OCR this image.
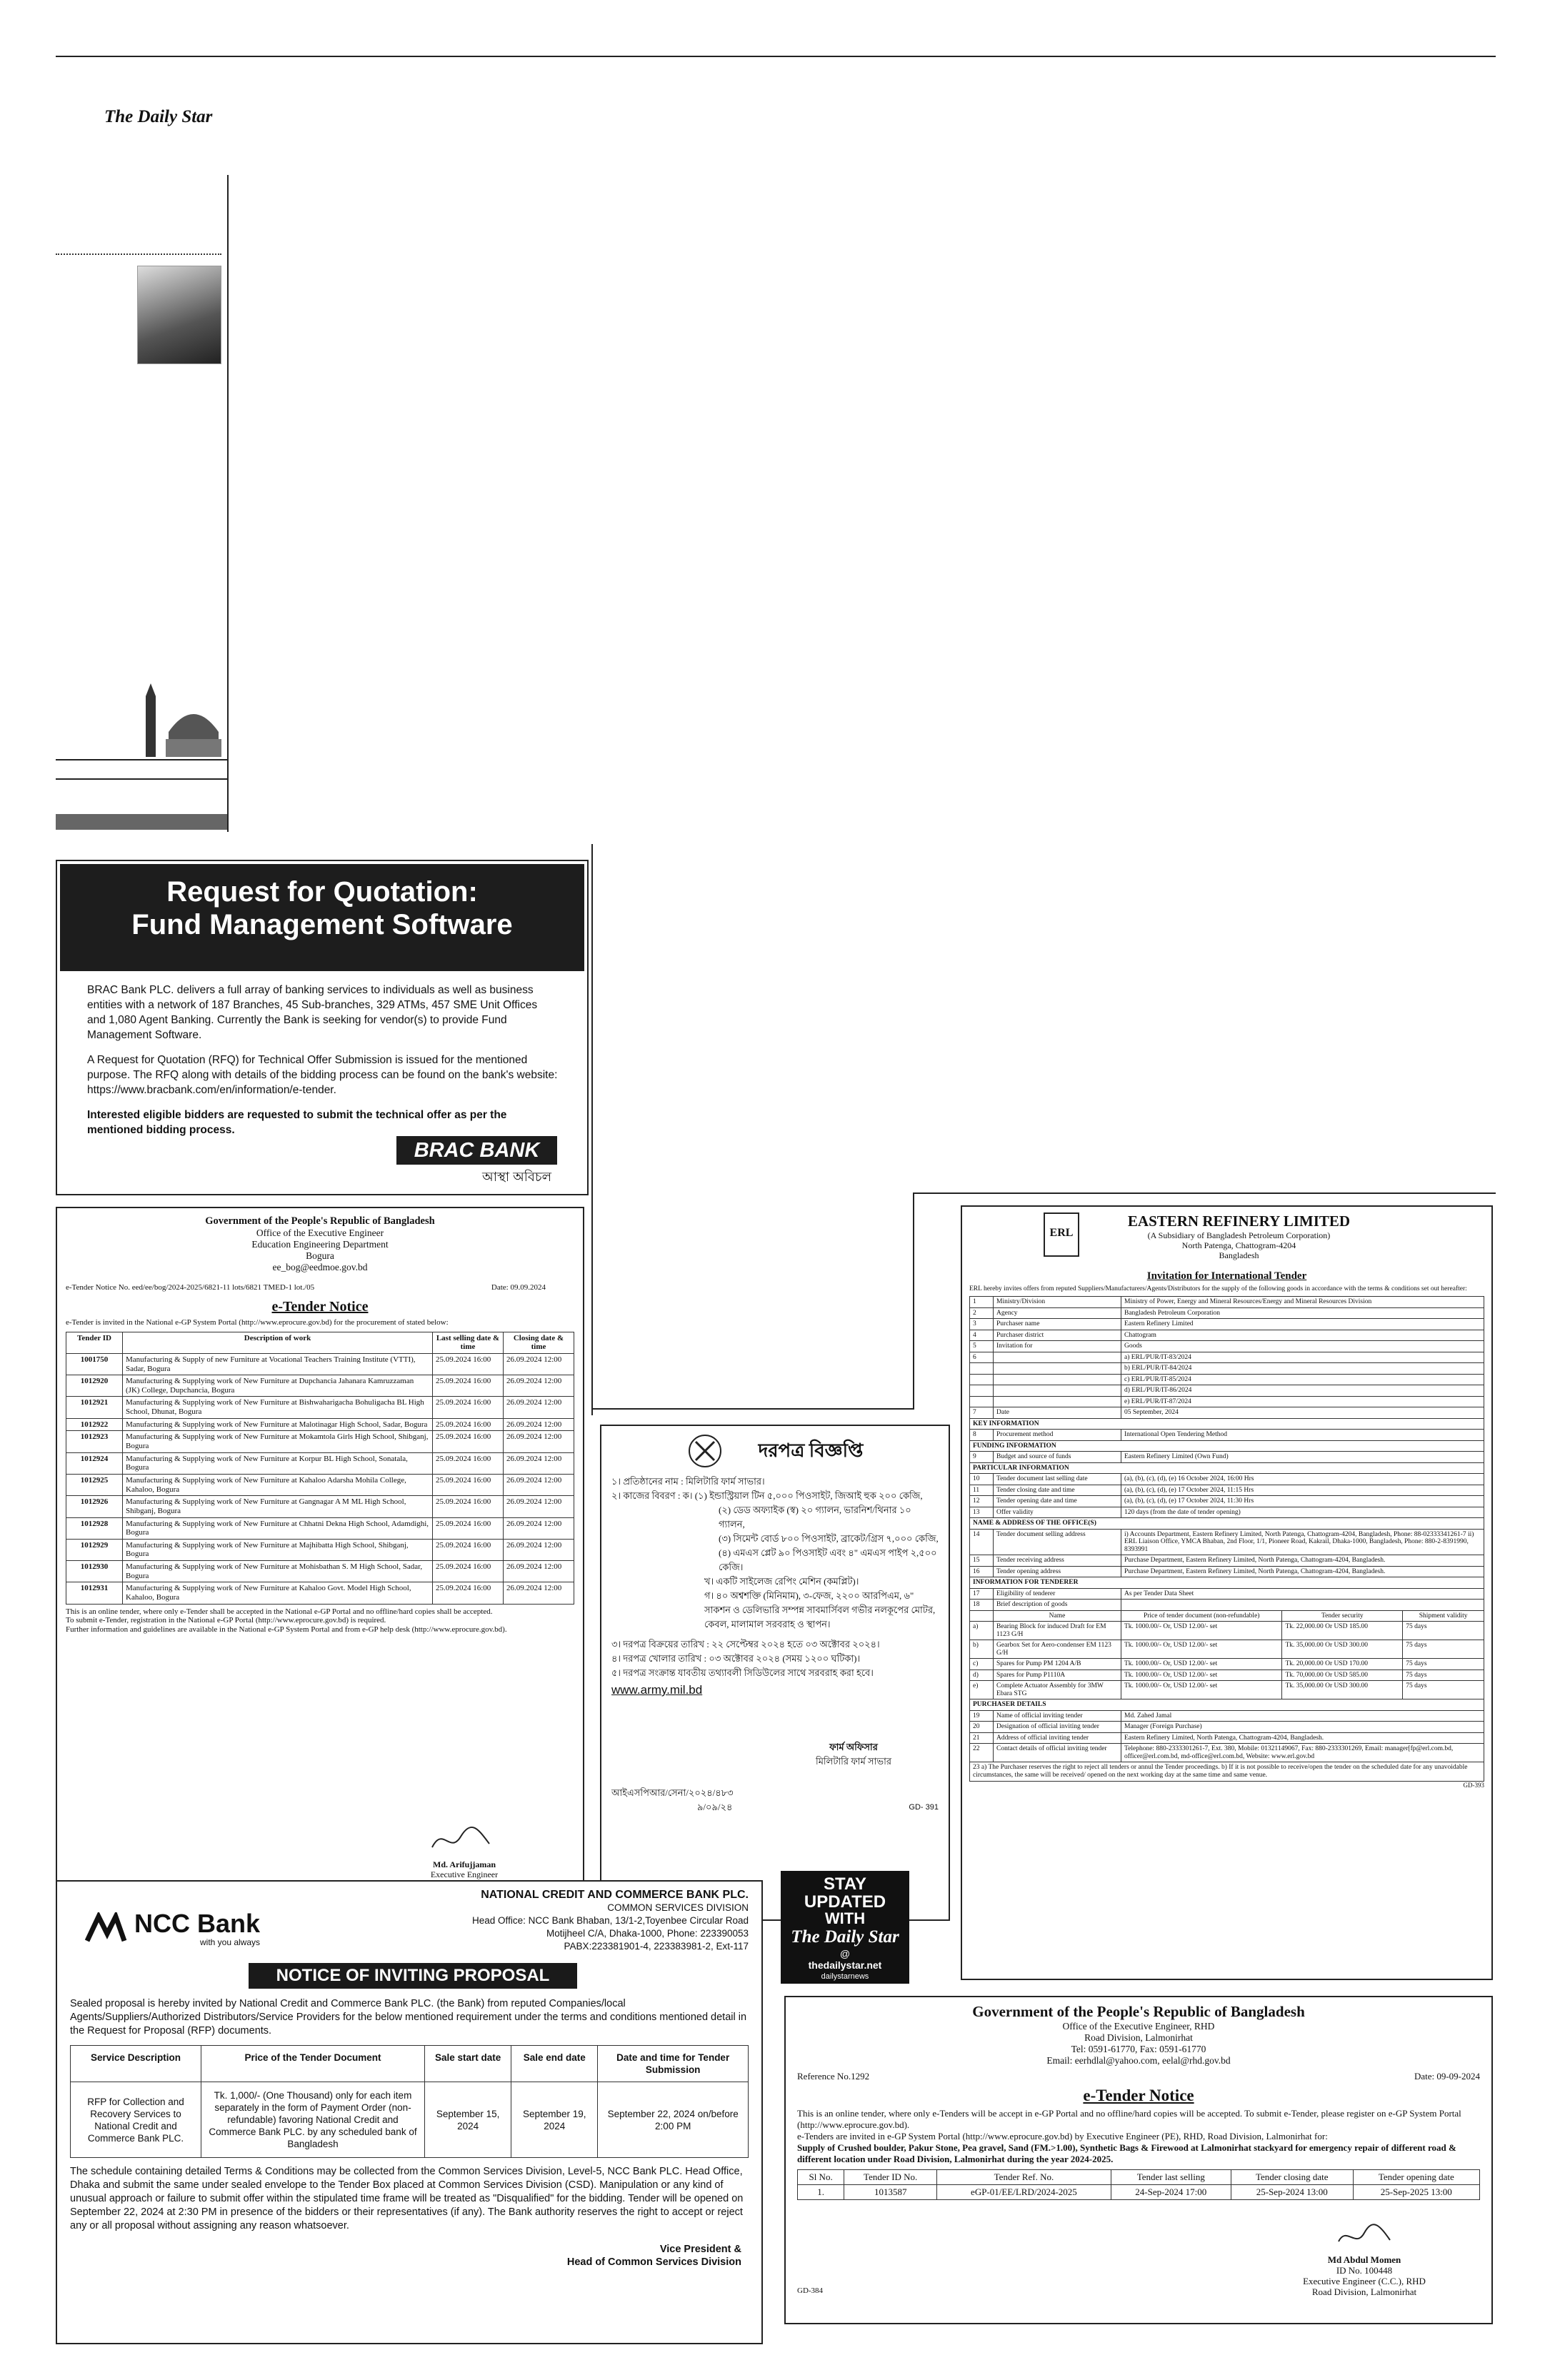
The Daily Star
Request for Quotation:
Fund Management Software

BRAC Bank PLC. delivers a full array of banking services to individuals as well as business entities with a network of 187 Branches, 45 Sub-branches, 329 ATMs, 457 SME Unit Offices and 1,080 Agent Banking. Currently the Bank is seeking for vendor(s) to provide Fund Management Software.

A Request for Quotation (RFQ) for Technical Offer Submission is issued for the mentioned purpose. The RFQ along with details of the bidding process can be found on the bank's website: https://www.bracbank.com/en/information/e-tender.

Interested eligible bidders are requested to submit the technical offer as per the mentioned bidding process.

BRAC BANK
আস্থা অবিচল
Government of the People's Republic of Bangladesh
Office of the Executive Engineer
Education Engineering Department
Bogura
ee_bog@eedmoe.gov.bd
e-Tender Notice No. eed/ee/bog/2024-2025/6821-11 lots/6821 TMED-1 lot./05	Date: 09.09.2024
e-Tender Notice
e-Tender is invited in the National e-GP System Portal (http://www.eprocure.gov.bd) for the procurement of stated below:
Tender ID	Description of work	Last selling date & time	Closing date & time
1001750	Manufacturing & Supply of new Furniture at Vocational Teachers Training Institute (VTTI), Sadar, Bogura	25.09.2024 16:00	26.09.2024 12:00
1012920	Manufacturing & Supplying work of New Furniture at Dupchancia Jahanara Kamruzzaman (JK) College, Dupchancia, Bogura	25.09.2024 16:00	26.09.2024 12:00
1012921	Manufacturing & Supplying work of New Furniture at Bishwaharigacha Bohuligacha BL High School, Dhunat, Bogura	25.09.2024 16:00	26.09.2024 12:00
1012922	Manufacturing & Supplying work of New Furniture at Malotinagar High School, Sadar, Bogura	25.09.2024 16:00	26.09.2024 12:00
1012923	Manufacturing & Supplying work of New Furniture at Mokamtola Girls High School, Shibganj, Bogura	25.09.2024 16:00	26.09.2024 12:00
1012924	Manufacturing & Supplying work of New Furniture at Korpur BL High School, Sonatala, Bogura	25.09.2024 16:00	26.09.2024 12:00
1012925	Manufacturing & Supplying work of New Furniture at Kahaloo Adarsha Mohila College, Kahaloo, Bogura	25.09.2024 16:00	26.09.2024 12:00
1012926	Manufacturing & Supplying work of New Furniture at Gangnagar A M ML High School, Shibganj, Bogura	25.09.2024 16:00	26.09.2024 12:00
1012928	Manufacturing & Supplying work of New Furniture at Chhatni Dekna High School, Adamdighi, Bogura	25.09.2024 16:00	26.09.2024 12:00
1012929	Manufacturing & Supplying work of New Furniture at Majhibatta High School, Shibganj, Bogura	25.09.2024 16:00	26.09.2024 12:00
1012930	Manufacturing & Supplying work of New Furniture at Mohisbathan S. M High School, Sadar, Bogura	25.09.2024 16:00	26.09.2024 12:00
1012931	Manufacturing & Supplying work of New Furniture at Kahaloo Govt. Model High School, Kahaloo, Bogura	25.09.2024 16:00	26.09.2024 12:00
This is an online tender, where only e-Tender shall be accepted in the National e-GP Portal and no offline/hard copies shall be accepted.
To submit e-Tender, registration in the National e-GP Portal (http://www.eprocure.gov.bd) is required.
Further information and guidelines are available in the National e-GP System Portal and from e-GP help desk (http://www.eprocure.gov.bd).
Md. Arifujjaman
Executive Engineer
দরপত্র বিজ্ঞপ্তি
১। প্রতিষ্ঠানের নাম : মিলিটারি ফার্ম সাভার।
২। কাজের বিবরণ : ক। (১) ইন্ডাস্ট্রিয়াল টিন ৫,০০০ পিওসাইট, জিআই হুক ২০০ কেজি,
(২) ডেড অফ্যাইক (স্ব) ২০ গ্যালন, ভারনিশ/থিনার ১০ গ্যালন,
(৩) সিমেন্ট বোর্ড ৮০০ পিওসাইট, ব্রাকেট/গ্রিস ৭,০০০ কেজি,
(৪) এমএস প্লেট ৯০ পিওসাইট এবং ৪" এমএস পাইপ ২,৫০০ কেজি।
খ। একটি সাইলেজ রেপিং মেশিন (কমপ্লিট)।
গ। ৪০ অশ্বশক্তি (মিনিমাম), ৩-ফেজ, ২২০০ আরপিএম, ৬" সাকশন ও ডেলিভারি সম্পন্ন সাবমার্সিবল গভীর নলকূপের মোটর, কেবল, মালামাল সরবরাহ ও স্থাপন।
৩। দরপত্র বিক্রয়ের তারিখ : ২২ সেপ্টেম্বর ২০২৪ হতে ০৩ অক্টোবর ২০২৪।
৪। দরপত্র খোলার তারিখ : ০৩ অক্টোবর ২০২৪ (সময় ১২০০ ঘটিকা)।
৫। দরপত্র সংক্রান্ত যাবতীয় তথ্যাবলী সিডিউলের সাথে সরবরাহ করা হবে।
www.army.mil.bd
ফার্ম অফিসার
মিলিটারি ফার্ম সাভার
আইএসপিআর/সেনা/২০২৪/৪৮৩
৯/০৯/২৪	GD- 391
ERL
EASTERN REFINERY LIMITED
(A Subsidiary of Bangladesh Petroleum Corporation)
North Patenga, Chattogram-4204
Bangladesh
Invitation for International Tender
ERL hereby invites offers from reputed Suppliers/Manufacturers/Agents/Distributors for the supply of the following goods in accordance with the terms & conditions set out hereafter:
1	Ministry/Division	Ministry of Power, Energy and Mineral Resources/Energy and Mineral Resources Division		
2	Agency	Bangladesh Petroleum Corporation		
3	Purchaser name	Eastern Refinery Limited		
4	Purchaser district	Chattogram		
5	Invitation for	Goods		
6		a) ERL/PUR/IT-83/2024		
		b) ERL/PUR/IT-84/2024		
		c) ERL/PUR/IT-85/2024		
		d) ERL/PUR/IT-86/2024		
		e) ERL/PUR/IT-87/2024		
7	Date	05 September, 2024		
KEY INFORMATION				
8	Procurement method	International Open Tendering Method		
FUNDING INFORMATION				
9	Budget and source of funds	Eastern Refinery Limited (Own Fund)		
PARTICULAR INFORMATION				
10	Tender document last selling date	(a), (b), (c), (d), (e) 16 October 2024, 16:00 Hrs		
11	Tender closing date and time	(a), (b), (c), (d), (e) 17 October 2024, 11:15 Hrs		
12	Tender opening date and time	(a), (b), (c), (d), (e) 17 October 2024, 11:30 Hrs		
13	Offer validity	120 days (from the date of tender opening)		
NAME & ADDRESS OF THE OFFICE(S)				
14	Tender document selling address	i) Accounts Department, Eastern Refinery Limited, North Patenga, Chattogram-4204, Bangladesh, Phone: 88-02333341261-7 ii) ERL Liaison Office, YMCA Bhaban, 2nd Floor, 1/1, Pioneer Road, Kakrail, Dhaka-1000, Bangladesh, Phone: 880-2-8391990, 8393991		
15	Tender receiving address	Purchase Department, Eastern Refinery Limited, North Patenga, Chattogram-4204, Bangladesh.		
16	Tender opening address	Purchase Department, Eastern Refinery Limited, North Patenga, Chattogram-4204, Bangladesh.		
INFORMATION FOR TENDERER				
17	Eligibility of tenderer	As per Tender Data Sheet		
18	Brief description of goods			
	Name	Price of tender document (non-refundable)	Tender security	Shipment validity
a)	Bearing Block for induced Draft for EM 1123 G/H	Tk. 1000.00/- Or, USD 12.00/- set	Tk. 22,000.00 Or USD 185.00	75 days
b)	Gearbox Set for Aero-condenser EM 1123 G/H	Tk. 1000.00/- Or, USD 12.00/- set	Tk. 35,000.00 Or USD 300.00	75 days
c)	Spares for Pump PM 1204 A/B	Tk. 1000.00/- Or, USD 12.00/- set	Tk. 20,000.00 Or USD 170.00	75 days
d)	Spares for Pump P1110A	Tk. 1000.00/- Or, USD 12.00/- set	Tk. 70,000.00 Or USD 585.00	75 days
e)	Complete Actuator Assembly for 3MW Ebara STG	Tk. 1000.00/- Or, USD 12.00/- set	Tk. 35,000.00 Or USD 300.00	75 days
PURCHASER DETAILS				
19	Name of official inviting tender	Md. Zahed Jamal		
20	Designation of official inviting tender	Manager (Foreign Purchase)		
21	Address of official inviting tender	Eastern Refinery Limited, North Patenga, Chattogram-4204, Bangladesh.		
22	Contact details of official inviting tender	Telephone: 880-2333301261-7, Ext. 380, Mobile: 01321149067, Fax: 880-2333301269, Email: manager[fp@erl.com.bd, officer@erl.com.bd, md-office@erl.com.bd, Website: www.erl.gov.bd		
23 a) The Purchaser reserves the right to reject all tenders or annul the Tender proceedings. b) If it is not possible to receive/open the tender on the scheduled date for any unavoidable circumstances, the same will be received/ opened on the next working day at the same time and same venue.
GD-393
NCC Bank
with you always
NATIONAL CREDIT AND COMMERCE BANK PLC.
COMMON SERVICES DIVISION
Head Office: NCC Bank Bhaban, 13/1-2,Toyenbee Circular Road
Motijheel C/A, Dhaka-1000, Phone: 223390053
PABX:223381901-4, 223383981-2, Ext-117
NOTICE OF INVITING PROPOSAL
Sealed proposal is hereby invited by National Credit and Commerce Bank PLC. (the Bank) from reputed Companies/local Agents/Suppliers/Authorized Distributors/Service Providers for the below mentioned requirement under the terms and conditions mentioned detail in the Request for Proposal (RFP) documents.
Service Description	Price of the Tender Document	Sale start date	Sale end date	Date and time for Tender Submission
RFP for Collection and Recovery Services to National Credit and Commerce Bank PLC.	Tk. 1,000/- (One Thousand) only for each item separately in the form of Payment Order (non-refundable) favoring National Credit and Commerce Bank PLC. by any scheduled bank of Bangladesh	September 15, 2024	September 19, 2024	September 22, 2024 on/before 2:00 PM
The schedule containing detailed Terms & Conditions may be collected from the Common Services Division, Level-5, NCC Bank PLC. Head Office, Dhaka and submit the same under sealed envelope to the Tender Box placed at Common Services Division (CSD). Manipulation or any kind of unusual approach or failure to submit offer within the stipulated time frame will be treated as "Disqualified" for the bidding. Tender will be opened on September 22, 2024 at 2:30 PM in presence of the bidders or their representatives (if any). The Bank authority reserves the right to accept or reject any or all proposal without assigning any reason whatsoever.
Vice President &
Head of Common Services Division
STAY UPDATED
WITH
The Daily Star
@
thedailystar.net
dailystarnews
Government of the People's Republic of Bangladesh
Office of the Executive Engineer, RHD
Road Division, Lalmonirhat
Tel: 0591-61770, Fax: 0591-61770
Email: eerhdlal@yahoo.com, eelal@rhd.gov.bd
Reference No.1292	Date: 09-09-2024
e-Tender Notice
This is an online tender, where only e-Tenders will be accept in e-GP Portal and no offline/hard copies will be accepted. To submit e-Tender, please register on e-GP System Portal (http://www.eprocure.gov.bd).
e-Tenders are invited in e-GP System Portal (http://www.eprocure.gov.bd) by Executive Engineer (PE), RHD, Road Division, Lalmonirhat for:
Supply of Crushed boulder, Pakur Stone, Pea gravel, Sand (FM.>1.00), Synthetic Bags & Firewood at Lalmonirhat stackyard for emergency repair of different road & different location under Road Division, Lalmonirhat during the year 2024-2025.
Sl No.	Tender ID No.	Tender Ref. No.	Tender last selling	Tender closing date	Tender opening date
1.	1013587	eGP-01/EE/LRD/2024-2025	24-Sep-2024 17:00	25-Sep-2024 13:00	25-Sep-2025 13:00
Md Abdul Momen
ID No. 100448
Executive Engineer (C.C.), RHD
Road Division, Lalmonirhat
GD-384
